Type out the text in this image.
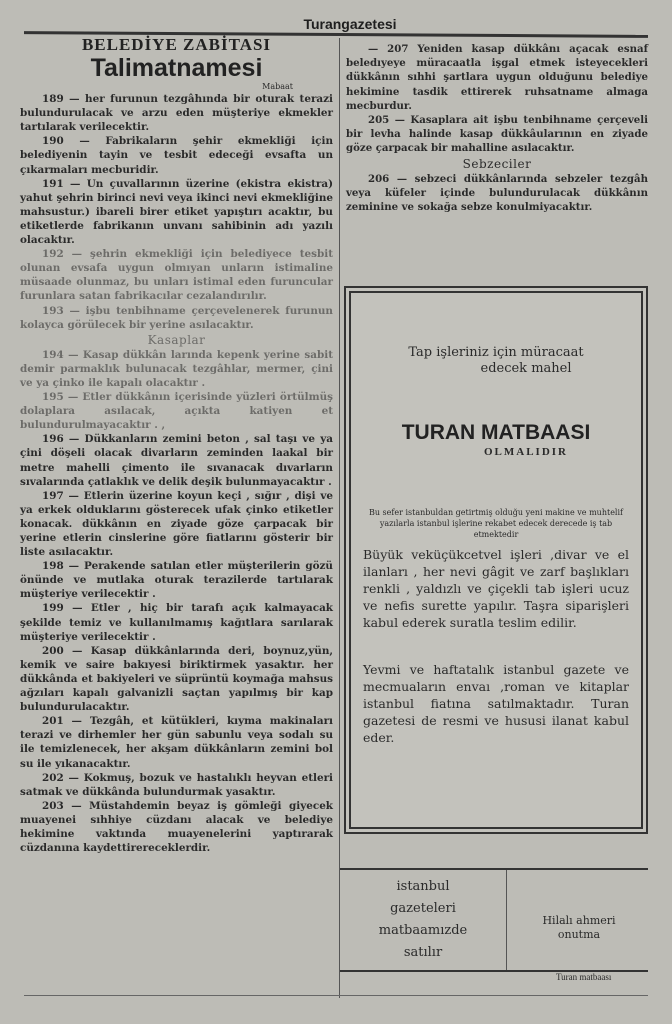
Turangazetesi
BELEDİYE ZABİTASI
Talimatnamesi
Mabaat

189 — her furunun tezgâhında bir oturak terazi bulundurulacak ve arzu eden müşteriye ekmekler tartılarak verilecektir.

190 — Fabrikaların şehir ekmekliği için belediyenin tayin ve tesbit edeceği evsafta un çıkarmaları mecburidir.

191 — Un çuvallarının üzerine (ekistra ekistra) yahut şehrin birinci nevi veya ikinci nevi ekmekliğine mahsustur.) ibareli birer etiket yapıştırı acaktır, bu etiketlerde fabrikanın unvanı sahibinin adı yazılı olacaktır.

192 — şehrin ekmekliği için belediyece tesbit olunan evsafa uygun olmıyan unların istimaline müsaade olunmaz, bu unları istimal eden furuncular furunlara satan fabrikacılar cezalandırılır.

193 — işbu tenbihname çerçevelenerek furunun kolayca görülecek bir yerine asılacaktır.

Kasaplar

194 — Kasap dükkân larında kepenk yerine sabit demir parmaklık bulunacak tezgâhlar, mermer, çini ve ya çinko ile kapalı olacaktır .

195 — Etler dükkânın içerisinde yüzleri örtülmüş dolaplara asılacak, açıkta katiyen et bulundurulmayacaktır . ,

196 — Dükkanların zemini beton , sal taşı ve ya çini döşeli olacak divarların zeminden laakal bir metre mahelli çimento ile sıvanacak dıvarların sıvalarında çatlaklık ve delik deşik bulunmayacaktır .

197 — Etlerin üzerine koyun keçi , sığır , dişi ve ya erkek olduklarını gösterecek ufak çinko etiketler konacak. dükkânın en ziyade göze çarpacak bir yerine etlerin cinslerine göre fiatlarını gösterir bir liste asılacaktır.

198 — Perakende satılan etler müşterilerin gözü önünde ve mutlaka oturak terazilerde tartılarak müşteriye verilecektir .

199 — Etler , hiç bir tarafı açık kalmayacak şekilde temiz ve kullanılmamış kağıtlara sarılarak müşteriye verilecektir .

200 — Kasap dükkânlarında deri, boynuz,yün, kemik ve saire bakıyesi biriktirmek yasaktır. her dükkânda et bakiyeleri ve süprüntü koymağa mahsus ağzıları kapalı galvanizli saçtan yapılmış bir kap bulundurulacaktır.

201 — Tezgâh, et kütükleri, kıyma makinaları terazi ve dirhemler her gün sabunlu veya sodalı su ile temizlenecek, her akşam dükkânların zemini bol su ile yıkanacaktır.

202 — Kokmuş, bozuk ve hastalıklı heyvan etleri satmak ve dükkânda bulundurmak yasaktır.

203 — Müstahdemin beyaz iş gömleği giyecek muayenei sıhhiye cüzdanı alacak ve belediye hekimine vaktında muayenelerini yaptırarak cüzdanına kaydettirereceklerdir.

— 207 Yeniden kasap dükkânı açacak esnaf beledıyeye müracaatla işgal etmek isteyecekleri dükkânın sıhhi şartlara uygun olduğunu belediye hekimine tasdik ettirerek ruhsatname almaga mecburdur.

205 — Kasaplara ait işbu tenbihname çerçeveli bir levha halinde kasap dükkâularının en ziyade göze çarpacak bir mahalline asılacaktır.

Sebzeciler

206 — sebzeci dükkânlarında sebzeler tezgâh veya küfeler içinde bulundurulacak dükkânın zeminine ve sokağa sebze konulmiyacaktır.

Tap işleriniz için müracaat
edecek mahel

TURAN MATBAASI

OLMALIDIR

Bu sefer istanbuldan getirtmiş olduğu yeni makine ve muhtelif yazılarla istanbul işlerine rekabet edecek derecede iş tab etmektedir

Büyük veküçükcetvel işleri ,divar ve el ilanları , her nevi gâgit ve zarf başlıkları renkli , yaldızlı ve çiçekli tab işleri ucuz ve nefis surette yapılır. Taşra siparişleri kabul ederek suratla teslim edilir.

Yevmi ve haftatalık istanbul gazete ve mecmuaların envaı ,roman ve kitaplar istanbul fiatına satılmaktadır. Turan gazetesi de resmi ve hususi ilanat kabul eder.

istanbul
gazeteleri
matbaamızde
satılır
Hilalı ahmeri
onutma
Turan matbaası
